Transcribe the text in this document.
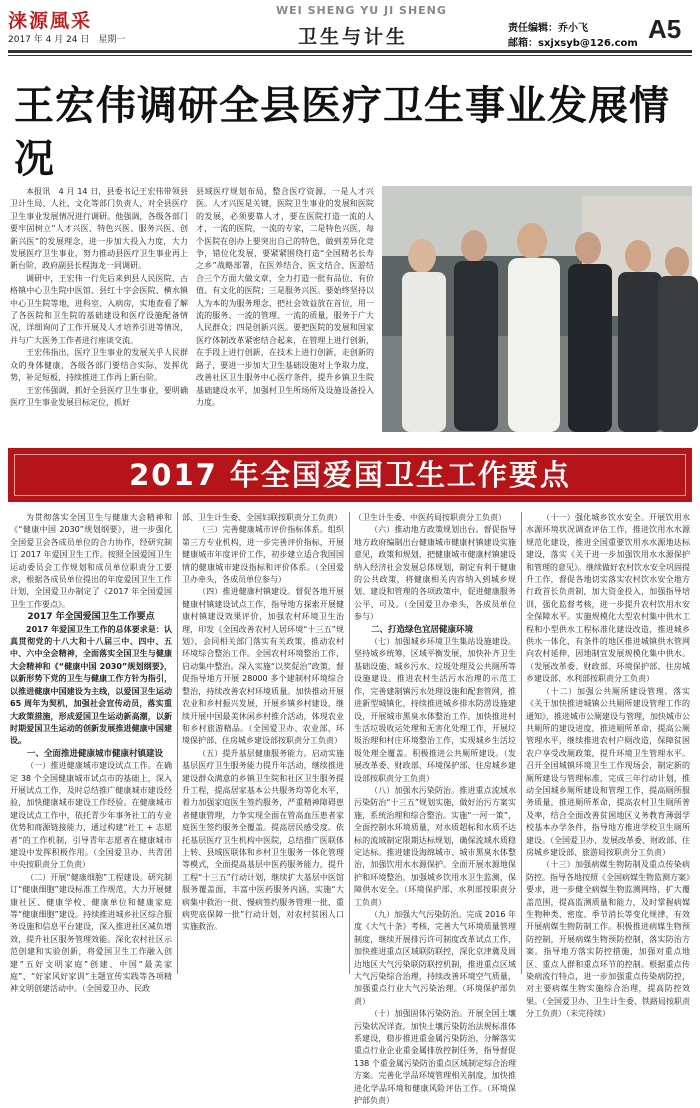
涞源風采
2017 年 4 月 24 日　星期一
WEI SHENG YU JI SHENG
卫生与计生	责任编辑：乔小飞
邮箱：sxjxsyb@126.com A5
王宏伟调研全县医疗卫生事业发展情况

本报讯　4 月 14 日，县委书记王宏伟带领县卫计生局、人社、文化等部门负责人，对全县医疗卫生事业发展情况进行调研。他强调，各级各部门要牢固树立“人才兴医、特色兴医、服务兴医、创新兴医”的发展理念，进一步加大投入力度，大力发展医疗卫生事业，努力推动县医疗卫生事业再上新台阶，政府副县长程海龙一同调研。

调研中，王宏伟一行先后来到县人民医院、古格镇中心卫生院中医馆、县红十字会医院、横水镇中心卫生院等地，进科室、入病房，实地查看了解了各医院和卫生院的基础建设和医疗设施配备情况，详细询问了工作开展及人才培养引进等情况，并与广大医务工作者进行座谈交流。

王宏伟指出，医疗卫生事业的发展关乎人民群众的身体健康，各级各部门要结合实际，发挥优势，补足短板，持续推进工作再上新台阶。

王宏伟强调，抓好全县医疗卫生事业，要明确医疗卫生事业发展目标定位，抓好

县域医疗规划布局，整合医疗资源，一是人才兴医。人才兴医是关键，医院卫生事业的发展和医院的发展，必须要靠人才，要在医院打造一流的人才，一流的医院，一流的专家，二是特色兴医，每个医院在创办上要突出自己的特色，做到差异化竞争，错位化发展，要紧紧围绕打造“全国精名长寿之乡”战略部署，在医养结合、医文结合、医游结合三个方面大做文章，全力打造一批有品位、有价值、有文化的医院；三是服务兴医。要始终坚持以人为本的为服务理念，把社会效益放在首位，用一流的服务、一流的管理、一流的质量，服务于广大人民群众；四是创新兴医。要把医院的发展和国家医疗体制改革紧密结合起来，在管理上进行创新，在手段上进行创新，在技术上进行创新，走创新的路子，要进一步加大卫生基础设施对上争取力度，改善社区卫生服务中心医疗条件，提升乡镇卫生院基础建设水平，加强村卫生所场所及设施设备投入力度。

2017 年全国爱国卫生工作要点

为贯彻落实全国卫生与健康大会精神和《“健康中国 2030”规划纲要》，进一步强化全国爱卫会各成员单位的合力协作，经研究制订 2017 年爱国卫生工作。按照全国爱国卫生运动委员会工作规划和成员单位职责分工要求，根据各成员单位提出的年度爱国卫生工作计划，全国爱卫办制定了《2017 年全国爱国卫生工作要点》。

2017 年全国爱国卫生工作要点

2017 年爱国卫生工作的总体要求是：认真贯彻党的十八大和十八届三中、四中、五中、六中全会精神，全面落实全国卫生与健康大会精神和《“健康中国 2030”规划纲要》，以新形势下党的卫生与健康工作方针为指引，以推进健康中国建设为主线，以爱国卫生运动 65 周年为契机，加强社会宣传动员，落实重大政策措施，形成爱国卫生运动新高潮，以新时期爱国卫生运动的创新发展推进健康中国建设。

一、全面推进健康城市健康村镇建设

（一）推进健康城市建设试点工作。在确定 38 个全国健康城市试点市的基础上，深入开展试点工作，及时总结推广健康城市建设经验，加快健康城市建设工作经验。在健康城市建设试点工作中，依托青少年事务社工的专业优势和商源链接能力，通过构建“社工 + 志愿者”的工作机制，引导青年志愿者在健康城市建设中发挥积极作用。（全国爱卫办、共青团中央按职责分工负责）

（二）开展“健康细胞”工程建设。研究制订“健康细胞”建设标准工作规范，大力开展健康社区、健康学校、健康单位和健康家庭等“健康细胞”建设。持续推进城乡社区综合服务设施和信息平台建设，深入推进社区减负增效，提升社区服务管理效能。深化农村社区示范创建和实验创新，将爱国卫生工作融入创建“五好文明家庭”创建、中国“最美家庭”、“好家风好家训”主题宣传实践等各项精神文明创建活动中。（全国爱卫办、民政

部、卫生计生委、全国妇联按职责分工负责）

（三）完善健康城市评价指标体系。组织第三方专业机构，进一步完善评价指标，开展健康城市年度评价工作，初步建立适合我国国情的健康城市建设指标和评价体系。（全国爱卫办牵头，各成员单位参与）

（四）推进健康村镇建设。督促各地开展健康村镇建设试点工作，指导地方探索开展健康村镇建设效果评价，加强农村环境卫生治理，印发《全国改善农村人居环境“十三五”规划》，会同相关部门落实有关政策，推动农村环境综合整治工作。全国农村环境整治工作，启动集中整治。深入实施“以奖促治”政策，督促指导地方开展 28000 多个建制村环境综合整治，持续改善农村环境质量。加快推动开展农业和乡村振兴发展，开展乡镇乡村建设，继续开展中国最美休闲乡村推介活动，体现农业和乡村旅游精品。（全国爱卫办、农业部、环境保护部、住房城乡建设部按职责分工负责）

（五）提升基层健康服务能力。启动实施基层医疗卫生服务能力提升年活动，继续推进建设群众满意的乡镇卫生院和社区卫生服务提升工程，提高居家基本公共服务均等化水平，着力加强家庭医生签约服务，严重精神障碍患者健康管理，力争实现全面在管高血压患者家庭医生签约服务全覆盖。提高居民感受度。依托基层医疗卫生机构中医院，总结推广医联体上转、县域医联体和乡村卫生服务一体化管理等模式，全面提高基层中医药服务能力，提升工程“十三五”行动计划，继续扩大基层中医馆服务覆盖面，丰富中医药服务内涵，实施“大病集中救治一批、慢病签约服务管理一批、重病兜底保障一批”行动计划，对农村贫困人口实施救治。

（卫生计生委、中医药局按职责分工负责）

（六）推动地方政策规划出台。督促指导地方政府编制出台健康城市健康村镇建设实施意见，政策和规划，把健康城市健康村镇建设纳入经济社会发展总体规划，制定有利于健康的公共政策，将健康相关内容纳入到城乡规划、建设和管理的各项政策中，促进健康服务公平、可及。（全国爱卫办牵头，各成员单位参与）

二、打造绿色宜居健康环境

（七）加强城乡环境卫生集站设施建设。坚持城乡统筹，区域平衡发展，加快补齐卫生基础设施、城乡污水、垃圾处理及公共厕所等设施建设。推进农村生活污水治理的示范工作，完善建制镇污水处理设施和配套管网，推进新型城镇化，持续推进城乡排水防涝设施建设，开展城市黑臭水体整治工作。加快推进村生活垃圾收运处理和无害化处理工作，开展垃圾治理和村庄环境整治工作，实现城乡生活垃圾处理全覆盖。积极推进公共厕所建设。（发展改革委、财政部、环境保护部、住房城乡建设部按职责分工负责）

（八）加强水污染防治。推进重点流域水污染防治“十三五”规划实施，做好治污方案实施，系统治理和综合整治。实施“一河一策”，全面控制水环境质量，对水质超标和水质不达标的流域制定限期达标规划，确保流域水质稳定达标。推进建设海绵城市、城市黑臭水体整治，加强饮用水水源保护。全面开展水源地保护和环境整治，加强城乡饮用水卫生监测，保障供水安全。（环境保护部、水利部按职责分工负责）

（九）加强大气污染防治。完成 2016 年度《大气十条》考核，完善大气环境质量管理制度，继续开展排污许可制度改革试点工作，加快推进重点区域联防联控，深化京津冀及周边地区大气污染联防联控机制，推进重点区域大气污染综合治理，持续改善环境空气质量，加强重点行业大气污染治理。（环境保护部负责）

（十）加强固体污染防治。开展全国土壤污染状况详查，加快土壤污染防治法规标准体系建设，稳步推进重金属污染防治，分解落实重点行业企业重金属排放控制任务，指导督促 138 个重金属污染防治重点区域制定综合治理方案。完善化学品环境管理相关制度，加快推进化学品环境和健康风险评估工作。（环境保护部负责）

（十一）强化城乡饮水安全。开展饮用水水源环境状况调查评估工作，推进饮用水水源规范化建设，推进全国重要饮用水水源地达标建设，落实《关于进一步加强饮用水水源保护和管理的意见》。继续做好农村饮水安全巩固提升工作，督促各地切实落实农村饮水安全地方行政首长负责制，加大资金投入，加强指导培训，强化监督考核，进一步提升农村饮用水安全保障水平。实施规模化大型农村集中供水工程和小型供水工程标准化建设改造，推进城乡供水一体化，有条件的地区推进城镇供水管网向农村延伸，因地制宜发展规模化集中供水。（发展改革委、财政部、环境保护部、住房城乡建设部、水利部按职责分工负责）

（十二）加强公共厕所建设管理。落实《关于加快推进城镇公共厕所建设管理工作的通知》，推进城市公厕建设与管理，加快城市公共厕所的建设进度，推进厕所革命，提高公厕管理水平，继续推进农村户厕改造，保障贫困农户享受改厕政策，提升环境卫生管理水平。召开全国城镇环境卫生工作现场会，制定新的厕所建设与管理标准，完成三年行动计划，推动全国城乡厕所建设和管理工作，提高厕所服务质量，推进厕所革命，提高农村卫生厕所普及率，结合全面改善贫困地区义务教育薄弱学校基本办学条件，指导地方推进学校卫生厕所建设。（全国爱卫办、发展改革委、财政部、住房城乡建设部、旅游局按职责分工负责）

（十三）加强病媒生物防制及重点传染病防控。指导各地按照《全国病媒生物监测方案》要求，进一步健全病媒生物监测网络，扩大覆盖范围，提高监测质量和能力，及时掌握病媒生物种类、密度、季节消长等变化规律，有效开展病媒生物防制工作。积极推进病媒生物预防控制，开展病媒生物预防控制，落实防治方案。指导地方落实防控措施，加强对重点地区、重点人群和重点环节的控制。根据重点传染病流行特点，进一步加强重点传染病防控，对主要病媒生物实施综合治理，提高防控效果。（全国爱卫办、卫生计生委、铁路局按职责分工负责）（未完待续）
